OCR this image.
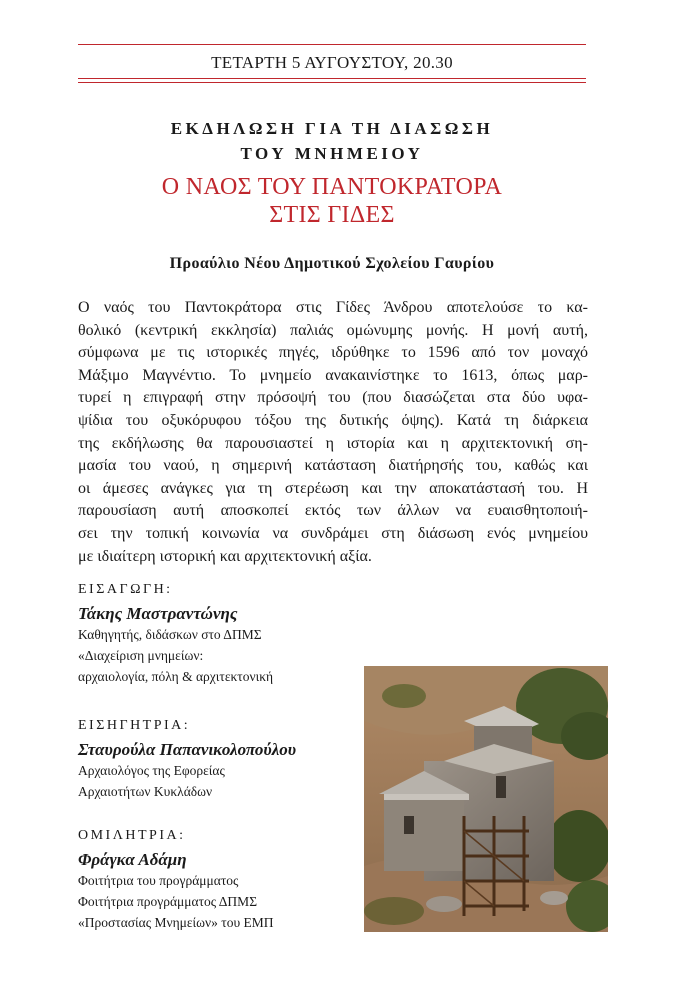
ΤΕΤΑΡΤΗ 5 ΑΥΓΟΥΣΤΟΥ, 20.30
ΕΚΔΗΛΩΣΗ ΓΙΑ ΤΗ ΔΙΑΣΩΣΗ
ΤΟΥ ΜΝΗΜΕΙΟΥ
Ο ΝΑΟΣ ΤΟΥ ΠΑΝΤΟΚΡΑΤΟΡΑ
ΣΤΙΣ ΓΙΔΕΣ
Προαύλιο Νέου Δημοτικού Σχολείου Γαυρίου
Ο ναός του Παντοκράτορα στις Γίδες Άνδρου αποτελούσε το κα-
θολικό (κεντρική εκκλησία) παλιάς ομώνυμης μονής. Η μονή αυτή,
σύμφωνα με τις ιστορικές πηγές, ιδρύθηκε το 1596 από τον μοναχό
Μάξιμο Μαγνέντιο. Το μνημείο ανακαινίστηκε το 1613, όπως μαρ-
τυρεί η επιγραφή στην πρόσοψή του (που διασώζεται στα δύο υφα-
ψίδια του οξυκόρυφου τόξου της δυτικής όψης). Κατά τη διάρκεια
της εκδήλωσης θα παρουσιαστεί η ιστορία και η αρχιτεκτονική ση-
μασία του ναού, η σημερινή κατάσταση διατήρησής του, καθώς και
οι άμεσες ανάγκες για τη στερέωση και την αποκατάστασή του. Η
παρουσίαση αυτή αποσκοπεί εκτός των άλλων να ευαισθητοποιή-
σει την τοπική κοινωνία να συνδράμει στη διάσωση ενός μνημείου
με ιδιαίτερη ιστορική και αρχιτεκτονική αξία.
ΕΙΣΑΓΩΓΗ:
Τάκης Μαστραντώνης
Καθηγητής, διδάσκων στο ΔΠΜΣ
«Διαχείριση μνημείων:
αρχαιολογία, πόλη & αρχιτεκτονική
ΕΙΣΗΓΗΤΡΙΑ:
Σταυρούλα Παπανικολοπούλου
Αρχαιολόγος της Εφορείας
Αρχαιοτήτων Κυκλάδων
ΟΜΙΛΗΤΡΙΑ:
Φράγκα Αδάμη
Φοιτήτρια του προγράμματος
Φοιτήτρια προγράμματος ΔΠΜΣ
«Προστασίας Μνημείων» του ΕΜΠ
